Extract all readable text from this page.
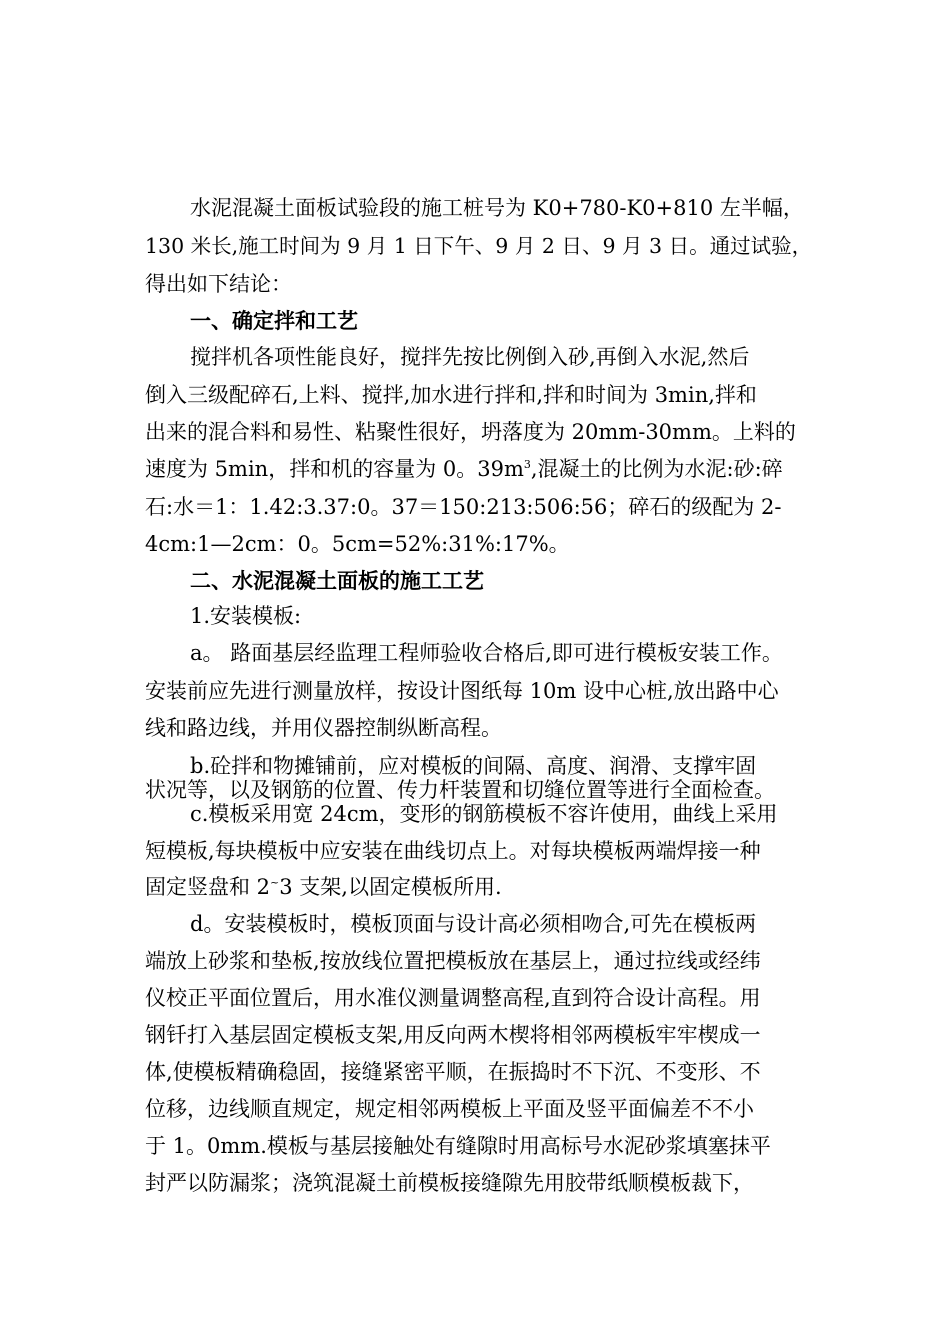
水泥混凝土面板试验段的施工桩号为 K0+780-K0+810 左半幅，
130 米长,施工时间为 9 月 1 日下午、9 月 2 日、9 月 3 日。通过试验，
得出如下结论：
一、确定拌和工艺
搅拌机各项性能良好，搅拌先按比例倒入砂,再倒入水泥,然后
倒入三级配碎石,上料、搅拌,加水进行拌和,拌和时间为 3min,拌和
出来的混合料和易性、粘聚性很好，坍落度为 20mm-30mm。上料的
速度为 5min，拌和机的容量为 0。$39m^3$,混凝土的比例为水泥:砂:碎
石:水＝1：1.42:3.37:0。37＝150:213:506:56；碎石的级配为 2-
4cm:1—2cm：0。5cm=52%:31%:17%。
二、水泥混凝土面板的施工工艺
1.安装模板:
a。 路面基层经监理工程师验收合格后,即可进行模板安装工作。
安装前应先进行测量放样，按设计图纸每 10m 设中心桩,放出路中心
线和路边线，并用仪器控制纵断高程。
b.砼拌和物摊铺前，应对模板的间隔、高度、润滑、支撑牢固
状况等，以及钢筋的位置、传力杆装置和切缝位置等进行全面检查。
c.模板采用宽 24cm，变形的钢筋模板不容许使用，曲线上采用
短模板,每块模板中应安装在曲线切点上。对每块模板两端焊接一种
固定竖盘和 2~3 支架,以固定模板所用.
d。安装模板时，模板顶面与设计高必须相吻合,可先在模板两
端放上砂浆和垫板,按放线位置把模板放在基层上，通过拉线或经纬
仪校正平面位置后，用水准仪测量调整高程,直到符合设计高程。用
钢钎打入基层固定模板支架,用反向两木楔将相邻两模板牢牢楔成一
体,使模板精确稳固，接缝紧密平顺，在振捣时不下沉、不变形、不
位移，边线顺直规定，规定相邻两模板上平面及竖平面偏差不不小
于 1。0mm.模板与基层接触处有缝隙时用高标号水泥砂浆填塞抹平
封严以防漏浆；浇筑混凝土前模板接缝隙先用胶带纸顺模板裁下，
